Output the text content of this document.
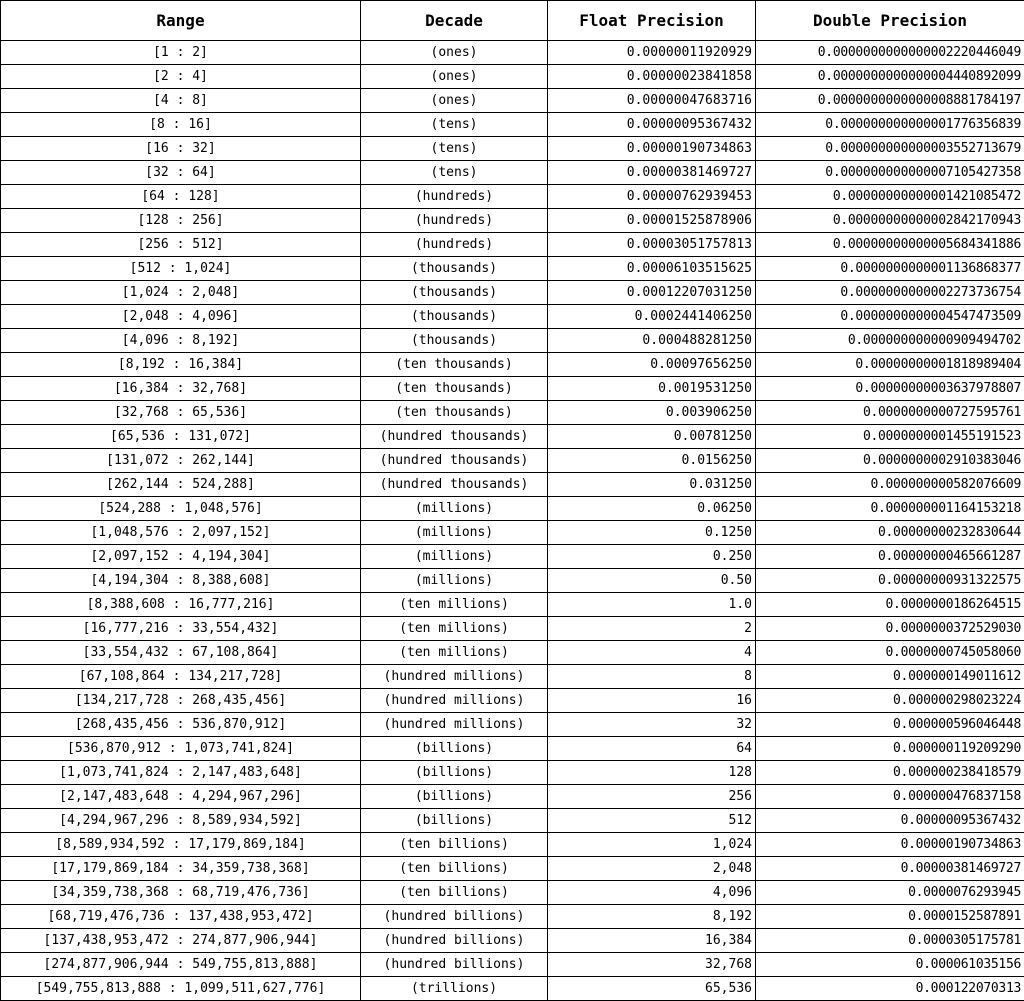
Range	Decade	Float Precision	Double Precision
[1 : 2]	(ones)	0.00000011920929	0.0000000000000002220446049
[2 : 4]	(ones)	0.00000023841858	0.0000000000000004440892099
[4 : 8]	(ones)	0.00000047683716	0.0000000000000008881784197
[8 : 16]	(tens)	0.00000095367432	0.000000000000001776356839
[16 : 32]	(tens)	0.00000190734863	0.000000000000003552713679
[32 : 64]	(tens)	0.00000381469727	0.000000000000007105427358
[64 : 128]	(hundreds)	0.00000762939453	0.00000000000001421085472
[128 : 256]	(hundreds)	0.00001525878906	0.00000000000002842170943
[256 : 512]	(hundreds)	0.00003051757813	0.00000000000005684341886
[512 : 1,024]	(thousands)	0.00006103515625	0.0000000000001136868377
[1,024 : 2,048]	(thousands)	0.00012207031250	0.0000000000002273736754
[2,048 : 4,096]	(thousands)	0.0002441406250	0.0000000000004547473509
[4,096 : 8,192]	(thousands)	0.000488281250	0.000000000000909494702
[8,192 : 16,384]	(ten thousands)	0.00097656250	0.00000000001818989404
[16,384 : 32,768]	(ten thousands)	0.0019531250	0.00000000003637978807
[32,768 : 65,536]	(ten thousands)	0.003906250	0.0000000000727595761
[65,536 : 131,072]	(hundred thousands)	0.00781250	0.0000000001455191523
[131,072 : 262,144]	(hundred thousands)	0.0156250	0.0000000002910383046
[262,144 : 524,288]	(hundred thousands)	0.031250	0.000000000582076609
[524,288 : 1,048,576]	(millions)	0.06250	0.000000001164153218
[1,048,576 : 2,097,152]	(millions)	0.1250	0.00000000232830644
[2,097,152 : 4,194,304]	(millions)	0.250	0.00000000465661287
[4,194,304 : 8,388,608]	(millions)	0.50	0.00000000931322575
[8,388,608 : 16,777,216]	(ten millions)	1.0	0.0000000186264515
[16,777,216 : 33,554,432]	(ten millions)	2	0.0000000372529030
[33,554,432 : 67,108,864]	(ten millions)	4	0.0000000745058060
[67,108,864 : 134,217,728]	(hundred millions)	8	0.000000149011612
[134,217,728 : 268,435,456]	(hundred millions)	16	0.000000298023224
[268,435,456 : 536,870,912]	(hundred millions)	32	0.000000596046448
[536,870,912 : 1,073,741,824]	(billions)	64	0.000000119209290
[1,073,741,824 : 2,147,483,648]	(billions)	128	0.000000238418579
[2,147,483,648 : 4,294,967,296]	(billions)	256	0.000000476837158
[4,294,967,296 : 8,589,934,592]	(billions)	512	0.00000095367432
[8,589,934,592 : 17,179,869,184]	(ten billions)	1,024	0.00000190734863
[17,179,869,184 : 34,359,738,368]	(ten billions)	2,048	0.00000381469727
[34,359,738,368 : 68,719,476,736]	(ten billions)	4,096	0.0000076293945
[68,719,476,736 : 137,438,953,472]	(hundred billions)	8,192	0.0000152587891
[137,438,953,472 : 274,877,906,944]	(hundred billions)	16,384	0.0000305175781
[274,877,906,944 : 549,755,813,888]	(hundred billions)	32,768	0.000061035156
[549,755,813,888 : 1,099,511,627,776]	(trillions)	65,536	0.000122070313
